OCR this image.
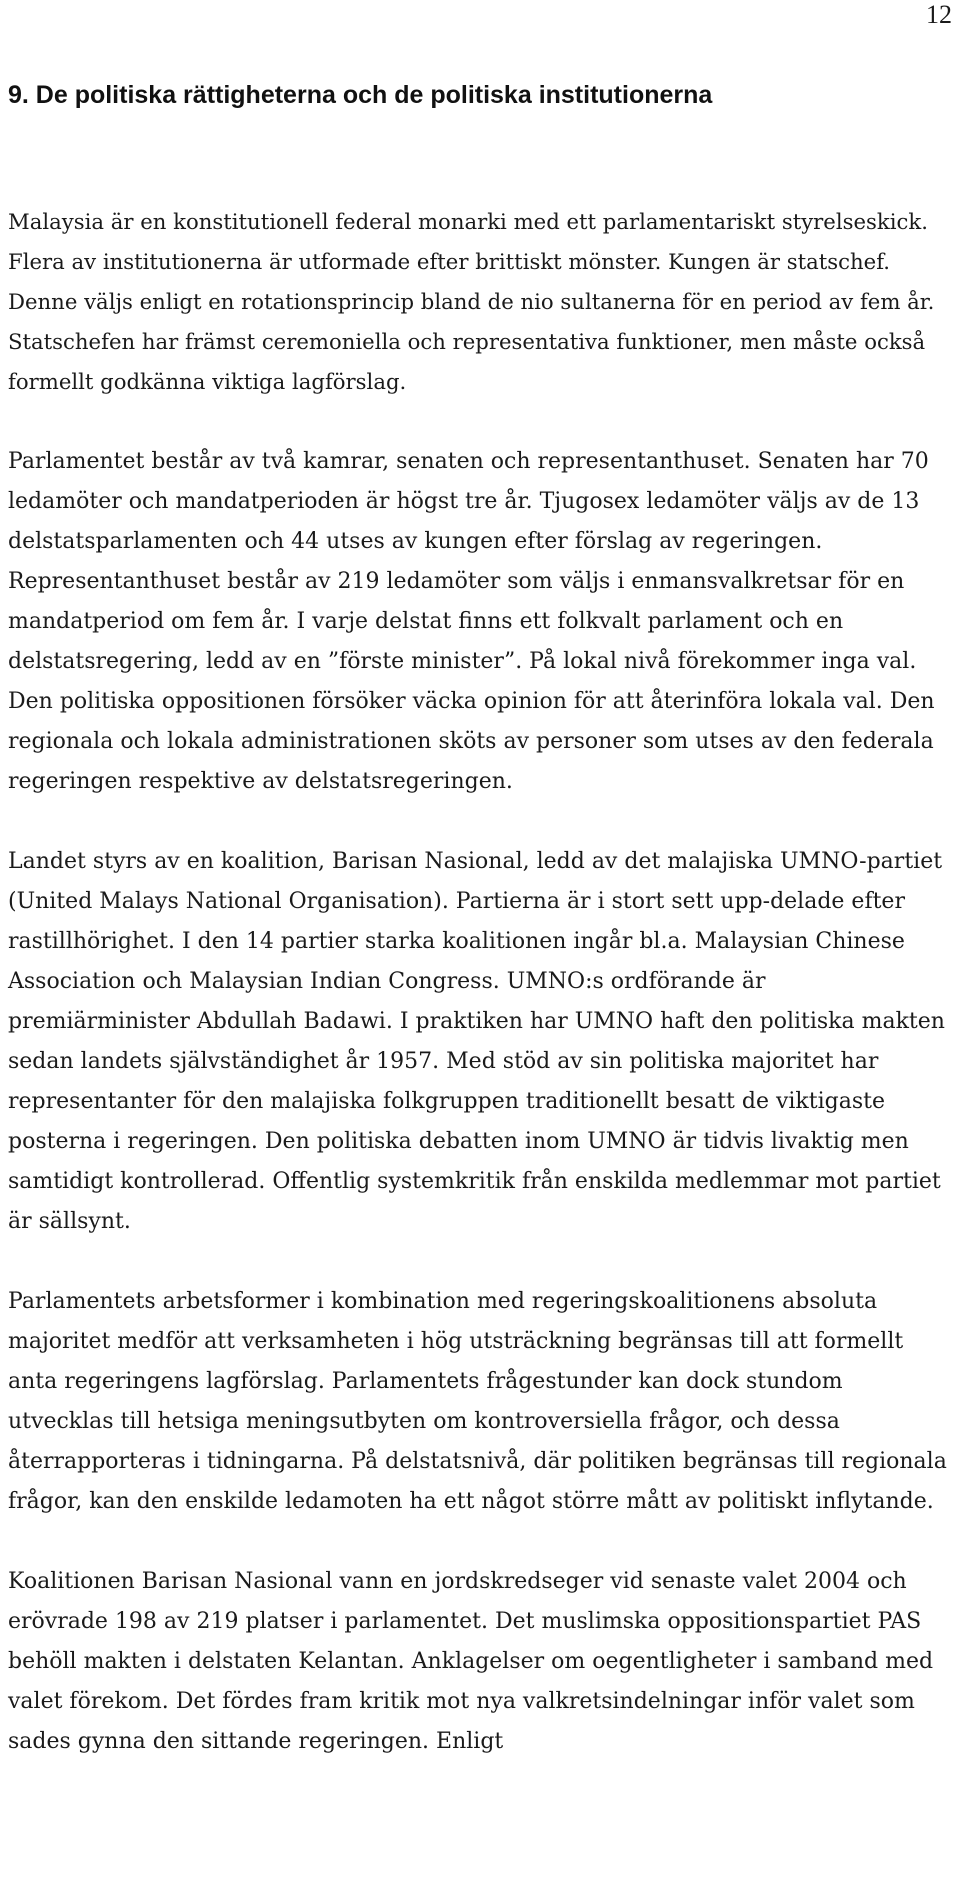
12
9. De politiska rättigheterna och de politiska institutionerna

Malaysia är en konstitutionell federal monarki med ett parlamentariskt styrelseskick. Flera av institutionerna är utformade efter brittiskt mönster. Kungen är statschef. Denne väljs enligt en rotationsprincip bland de nio sultanerna för en period av fem år. Statschefen har främst ceremoniella och representativa funktioner, men måste också formellt godkänna viktiga lagförslag.

Parlamentet består av två kamrar, senaten och representanthuset. Senaten har 70 ledamöter och mandatperioden är högst tre år. Tjugosex ledamöter väljs av de 13 delstatsparlamenten och 44 utses av kungen efter förslag av regeringen. Representanthuset består av 219 ledamöter som väljs i enmansvalkretsar för en mandatperiod om fem år. I varje delstat finns ett folkvalt parlament och en delstatsregering, ledd av en ”förste minister”. På lokal nivå förekommer inga val. Den politiska oppositionen försöker väcka opinion för att återinföra lokala val. Den regionala och lokala administrationen sköts av personer som utses av den federala regeringen respektive av delstatsregeringen.

Landet styrs av en koalition, Barisan Nasional, ledd av det malajiska UMNO-partiet (United Malays National Organisation). Partierna är i stort sett upp-delade efter rastillhörighet. I den 14 partier starka koalitionen ingår bl.a. Malaysian Chinese Association och Malaysian Indian Congress. UMNO:s ordförande är premiärminister Abdullah Badawi. I praktiken har UMNO haft den politiska makten sedan landets självständighet år 1957. Med stöd av sin politiska majoritet har representanter för den malajiska folkgruppen traditionellt besatt de viktigaste posterna i regeringen. Den politiska debatten inom UMNO är tidvis livaktig men samtidigt kontrollerad. Offentlig systemkritik från enskilda medlemmar mot partiet är sällsynt.

Parlamentets arbetsformer i kombination med regeringskoalitionens absoluta majoritet medför att verksamheten i hög utsträckning begränsas till att formellt anta regeringens lagförslag. Parlamentets frågestunder kan dock stundom utvecklas till hetsiga meningsutbyten om kontroversiella frågor, och dessa återrapporteras i tidningarna. På delstatsnivå, där politiken begränsas till regionala frågor, kan den enskilde ledamoten ha ett något större mått av politiskt inflytande.

Koalitionen Barisan Nasional vann en jordskredseger vid senaste valet 2004 och erövrade 198 av 219 platser i parlamentet. Det muslimska oppositionspartiet PAS behöll makten i delstaten Kelantan. Anklagelser om oegentligheter i samband med valet förekom. Det fördes fram kritik mot nya valkretsindelningar inför valet som sades gynna den sittande regeringen. Enligt
